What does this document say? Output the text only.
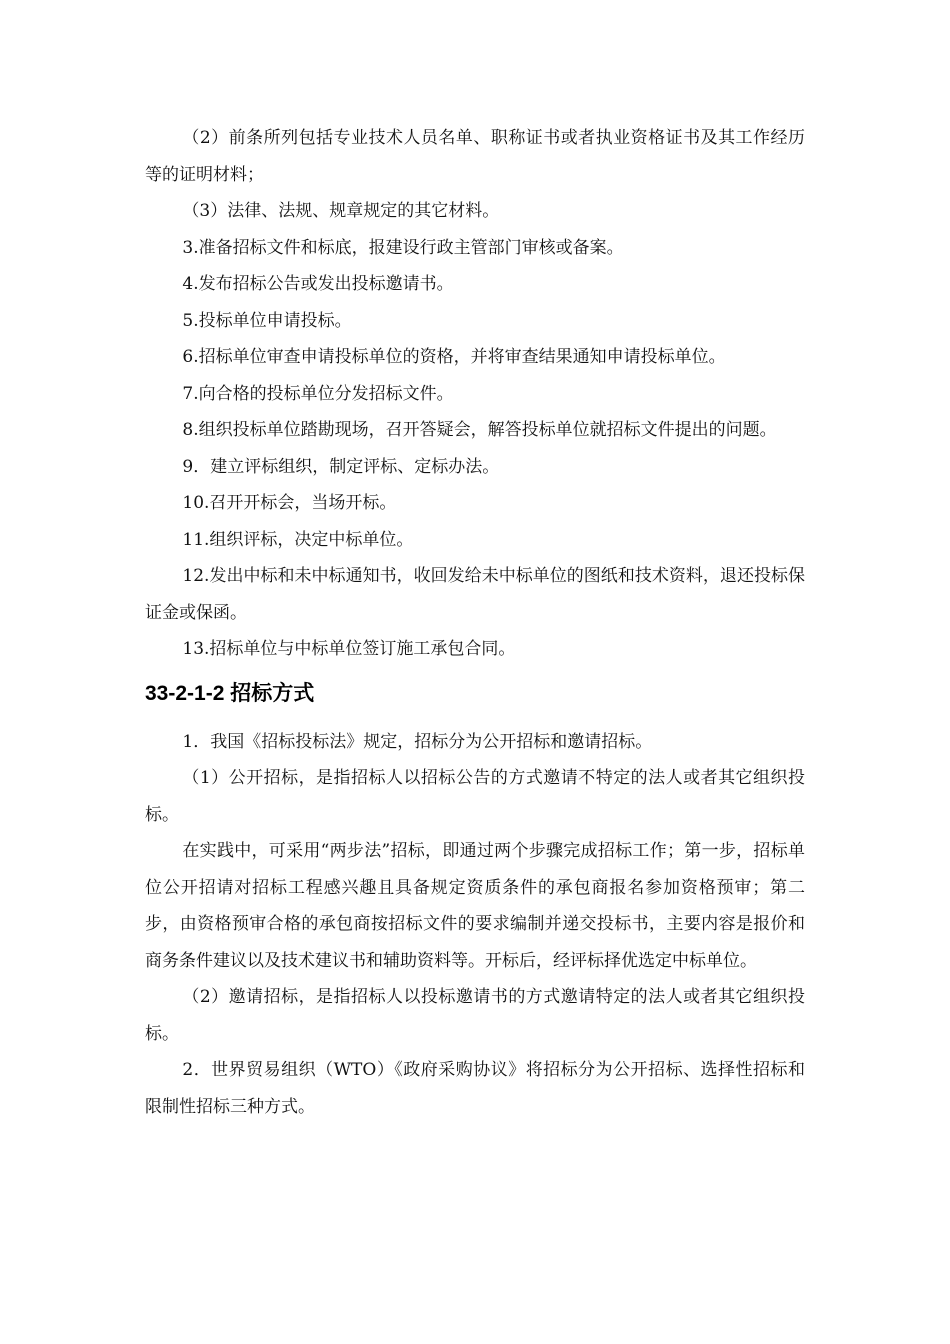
（2）前条所列包括专业技术人员名单、职称证书或者执业资格证书及其工作经历等的证明材料；

（3）法律、法规、规章规定的其它材料。

3.准备招标文件和标底，报建设行政主管部门审核或备案。

4.发布招标公告或发出投标邀请书。

5.投标单位申请投标。

6.招标单位审查申请投标单位的资格，并将审查结果通知申请投标单位。

7.向合格的投标单位分发招标文件。

8.组织投标单位踏勘现场，召开答疑会，解答投标单位就招标文件提出的问题。

9．建立评标组织，制定评标、定标办法。

10.召开开标会，当场开标。

11.组织评标，决定中标单位。

12.发出中标和未中标通知书，收回发给未中标单位的图纸和技术资料，退还投标保证金或保函。

13.招标单位与中标单位签订施工承包合同。

33-2-1-2 招标方式

1．我国《招标投标法》规定，招标分为公开招标和邀请招标。

（1）公开招标，是指招标人以招标公告的方式邀请不特定的法人或者其它组织投标。

在实践中，可采用“两步法”招标，即通过两个步骤完成招标工作；第一步，招标单位公开招请对招标工程感兴趣且具备规定资质条件的承包商报名参加资格预审；第二步，由资格预审合格的承包商按招标文件的要求编制并递交投标书，主要内容是报价和商务条件建议以及技术建议书和辅助资料等。开标后，经评标择优选定中标单位。

（2）邀请招标，是指招标人以投标邀请书的方式邀请特定的法人或者其它组织投标。

2．世界贸易组织（WTO）《政府采购协议》将招标分为公开招标、选择性招标和限制性招标三种方式。
